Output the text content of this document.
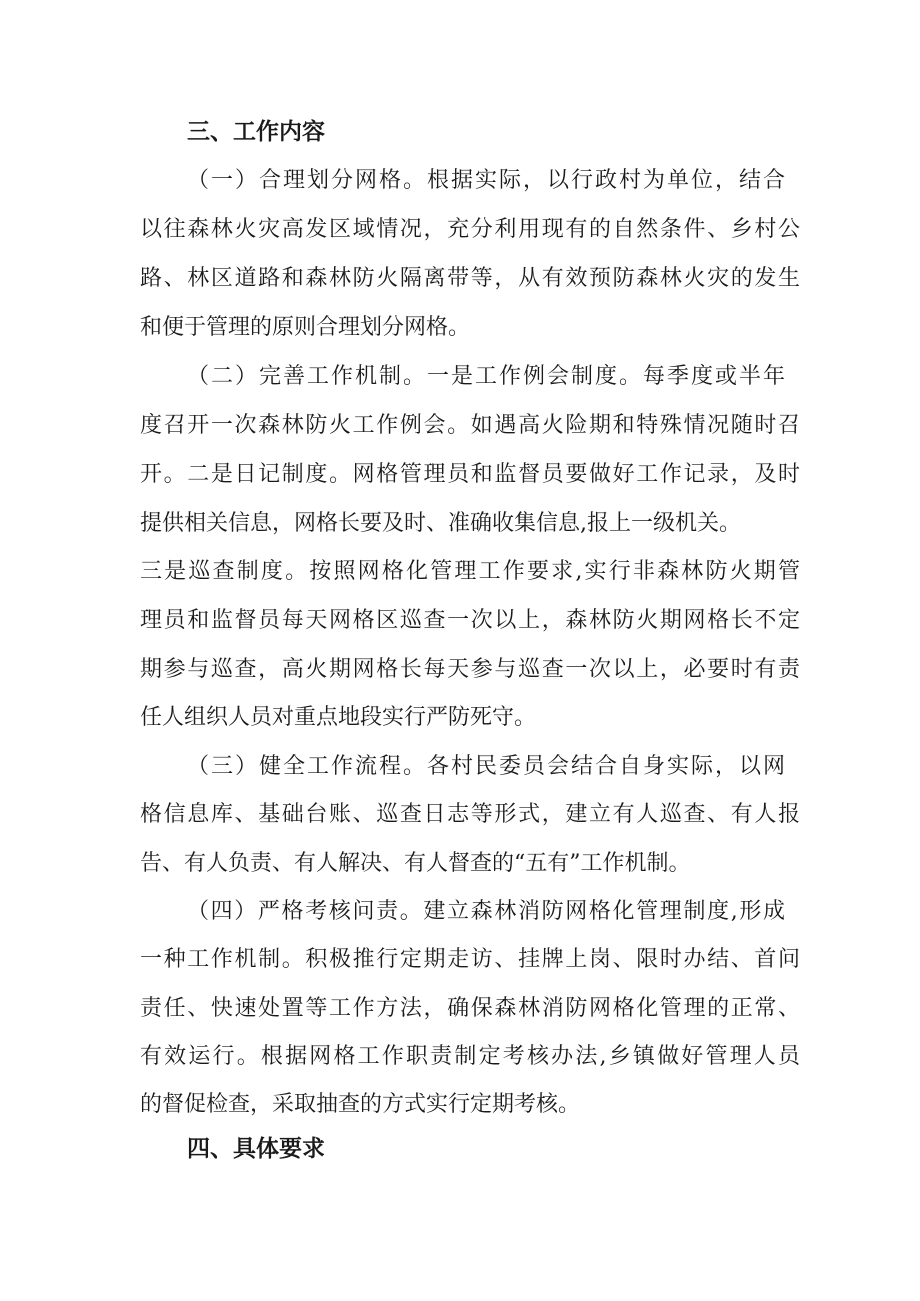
三、工作内容
（一）合理划分网格。根据实际，以行政村为单位，结合
以往森林火灾高发区域情况，充分利用现有的自然条件、乡村公
路、林区道路和森林防火隔离带等，从有效预防森林火灾的发生
和便于管理的原则合理划分网格。
（二）完善工作机制。一是工作例会制度。每季度或半年
度召开一次森林防火工作例会。如遇高火险期和特殊情况随时召
开。二是日记制度。网格管理员和监督员要做好工作记录，及时
提供相关信息，网格长要及时、准确收集信息,报上一级机关。
三是巡查制度。按照网格化管理工作要求,实行非森林防火期管
理员和监督员每天网格区巡查一次以上，森林防火期网格长不定
期参与巡查，高火期网格长每天参与巡查一次以上，必要时有责
任人组织人员对重点地段实行严防死守。
（三）健全工作流程。各村民委员会结合自身实际，以网
格信息库、基础台账、巡查日志等形式，建立有人巡查、有人报
告、有人负责、有人解决、有人督查的“五有”工作机制。
（四）严格考核问责。建立森林消防网格化管理制度,形成
一种工作机制。积极推行定期走访、挂牌上岗、限时办结、首问
责任、快速处置等工作方法，确保森林消防网格化管理的正常、
有效运行。根据网格工作职责制定考核办法,乡镇做好管理人员
的督促检查，采取抽查的方式实行定期考核。
四、具体要求
